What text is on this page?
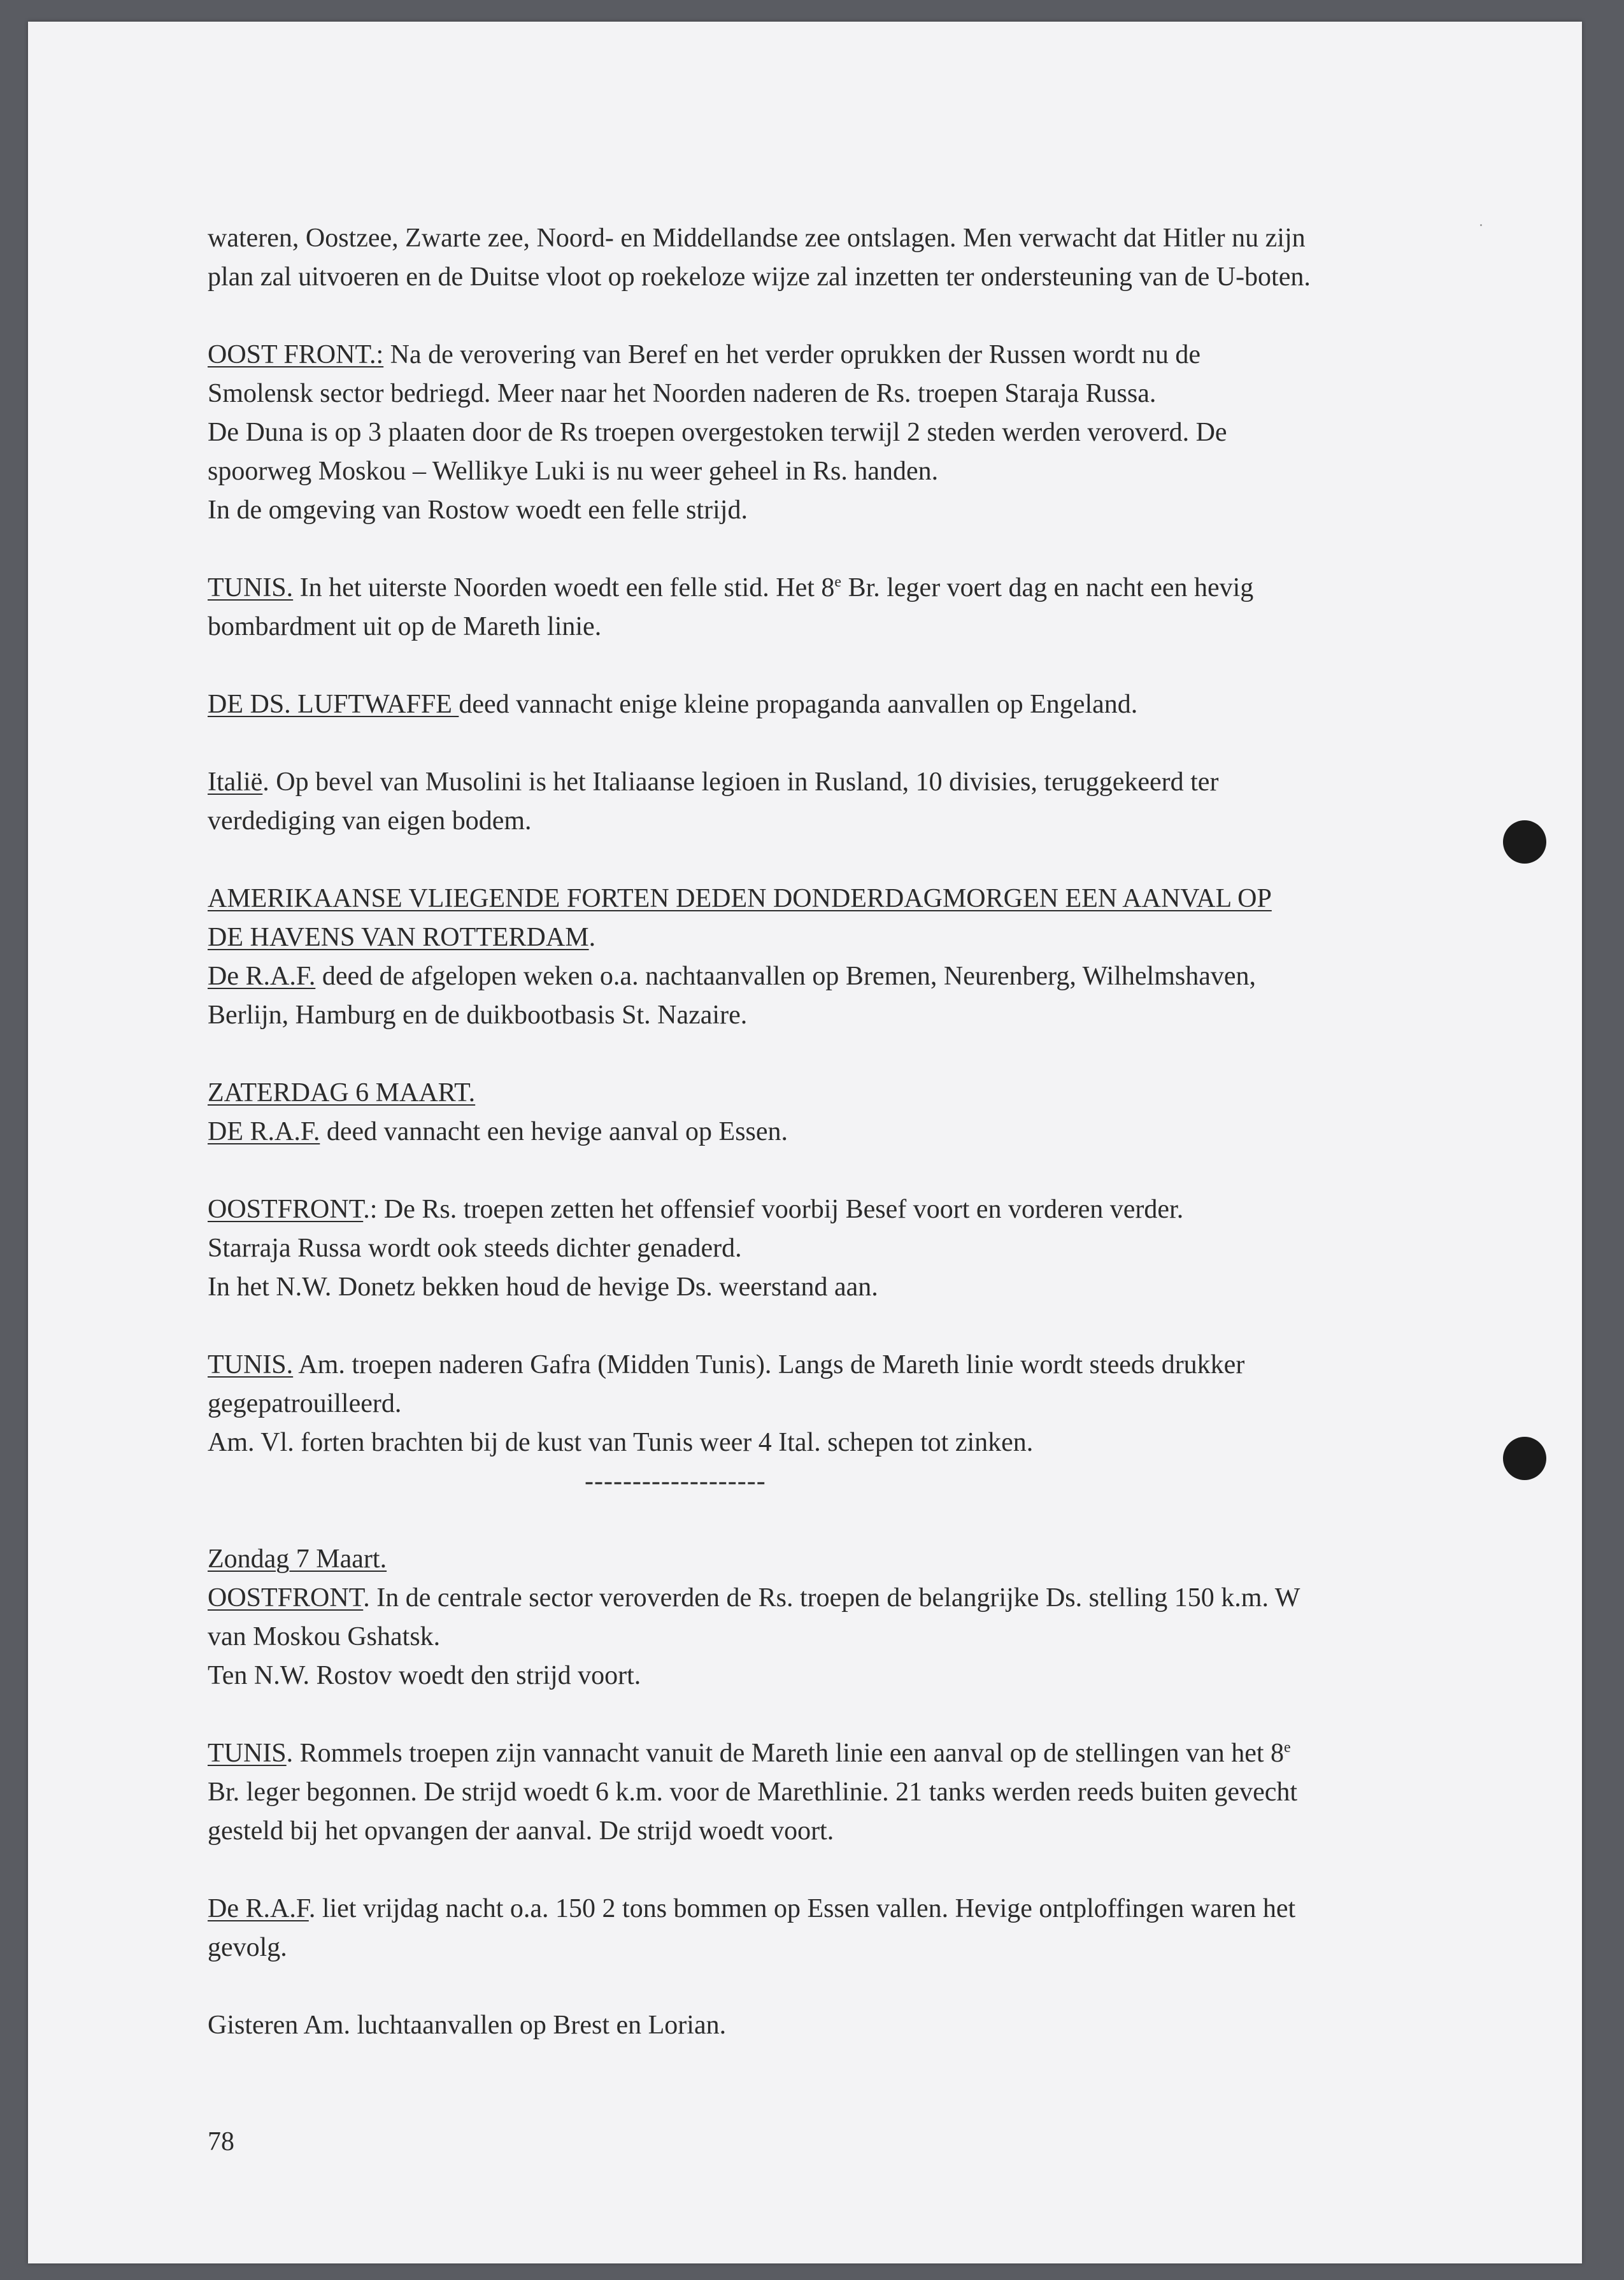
wateren, Oostzee, Zwarte zee, Noord- en Middellandse zee ontslagen. Men verwacht dat Hitler nu zijn
plan zal uitvoeren en de Duitse vloot op roekeloze wijze zal inzetten ter ondersteuning van de U-boten.
OOST FRONT.: Na de verovering van Beref en het verder oprukken der Russen wordt nu de
Smolensk sector bedriegd. Meer naar het Noorden naderen de Rs. troepen Staraja Russa.
De Duna is op 3 plaaten door de Rs troepen overgestoken terwijl 2 steden werden veroverd. De
spoorweg Moskou – Wellikye Luki is nu weer geheel in Rs. handen.
In de omgeving van Rostow woedt een felle strijd.
TUNIS. In het uiterste Noorden woedt een felle stid. Het 8e Br. leger voert dag en nacht een hevig
bombardment uit op de Mareth linie.
DE DS. LUFTWAFFE deed vannacht enige kleine propaganda aanvallen op Engeland.
Italië. Op bevel van Musolini is het Italiaanse legioen in Rusland, 10 divisies, teruggekeerd ter
verdediging van eigen bodem.
AMERIKAANSE VLIEGENDE FORTEN DEDEN DONDERDAGMORGEN EEN AANVAL OP
DE HAVENS VAN ROTTERDAM.
De R.A.F. deed de afgelopen weken o.a. nachtaanvallen op Bremen, Neurenberg, Wilhelmshaven,
Berlijn, Hamburg en de duikbootbasis St. Nazaire.
ZATERDAG 6 MAART.
DE R.A.F. deed vannacht een hevige aanval op Essen.
OOSTFRONT.: De Rs. troepen zetten het offensief voorbij Besef voort en vorderen verder.
Starraja Russa wordt ook steeds dichter genaderd.
In het N.W. Donetz bekken houd de hevige Ds. weerstand aan.
TUNIS. Am. troepen naderen Gafra (Midden Tunis). Langs de Mareth linie wordt steeds drukker
gegepatrouilleerd.
Am. Vl. forten brachten bij de kust van Tunis weer 4 Ital. schepen tot zinken.
-------------------
Zondag 7 Maart.
OOSTFRONT. In de centrale sector veroverden de Rs. troepen de belangrijke Ds. stelling 150 k.m. W
van Moskou Gshatsk.
Ten N.W. Rostov woedt den strijd voort.
TUNIS. Rommels troepen zijn vannacht vanuit de Mareth linie een aanval op de stellingen van het 8e
Br. leger begonnen. De strijd woedt 6 k.m. voor de Marethlinie. 21 tanks werden reeds buiten gevecht
gesteld bij het opvangen der aanval. De strijd woedt voort.
De R.A.F. liet vrijdag nacht o.a. 150 2 tons bommen op Essen vallen. Hevige ontploffingen waren het
gevolg.
Gisteren Am. luchtaanvallen op Brest en Lorian.
78
